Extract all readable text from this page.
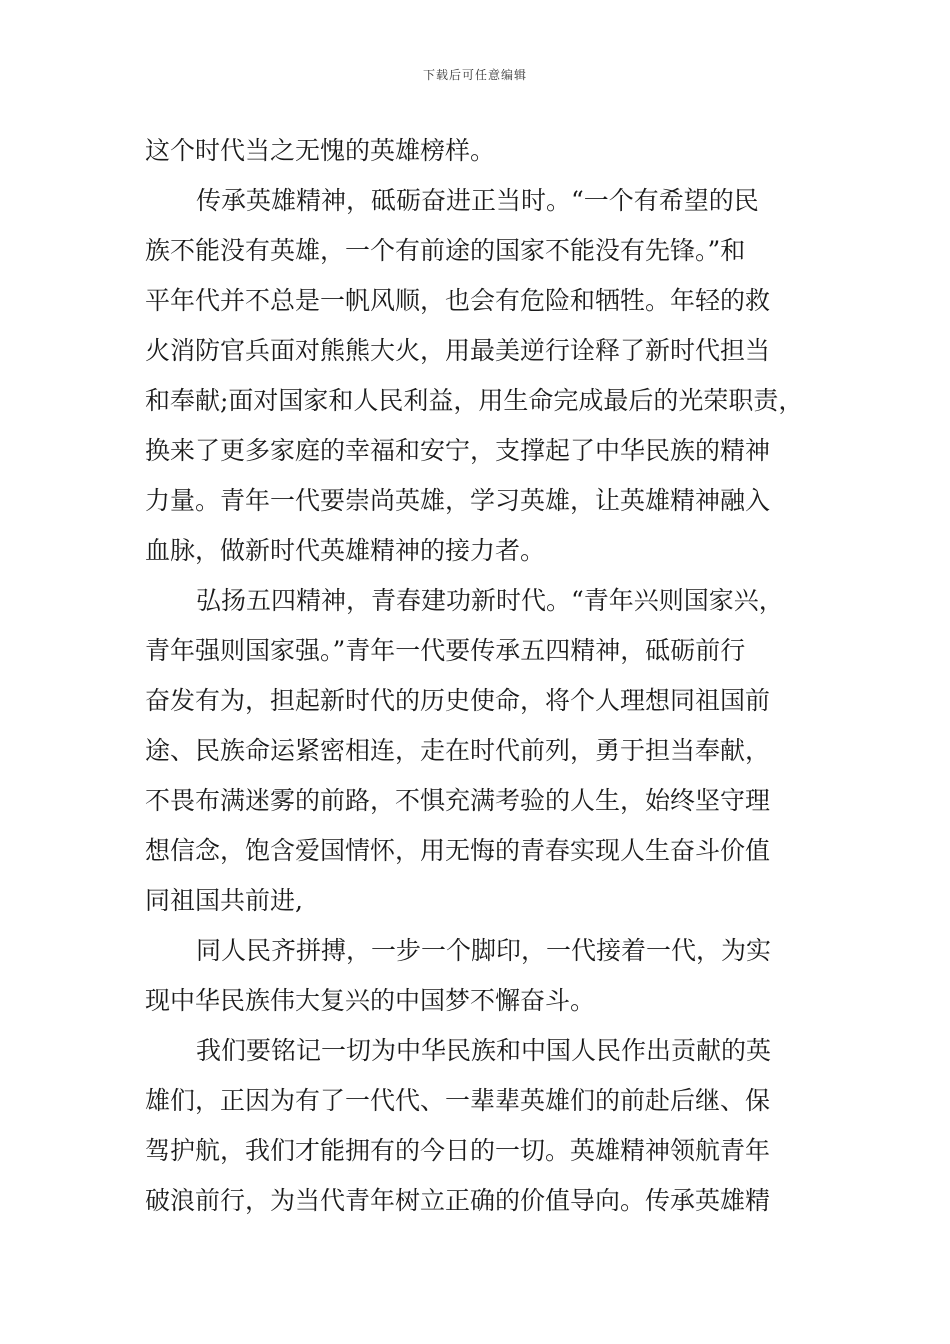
下载后可任意编辑
这个时代当之无愧的英雄榜样。
传承英雄精神，砥砺奋进正当时。“一个有希望的民
族不能没有英雄，一个有前途的国家不能没有先锋。”和
平年代并不总是一帆风顺，也会有危险和牺牲。年轻的救
火消防官兵面对熊熊大火，用最美逆行诠释了新时代担当
和奉献;面对国家和人民利益，用生命完成最后的光荣职责，
换来了更多家庭的幸福和安宁，支撑起了中华民族的精神
力量。青年一代要崇尚英雄，学习英雄，让英雄精神融入
血脉，做新时代英雄精神的接力者。
弘扬五四精神，青春建功新时代。“青年兴则国家兴，
青年强则国家强。”青年一代要传承五四精神，砥砺前行
奋发有为，担起新时代的历史使命，将个人理想同祖国前
途、民族命运紧密相连，走在时代前列，勇于担当奉献，
不畏布满迷雾的前路，不惧充满考验的人生，始终坚守理
想信念，饱含爱国情怀，用无悔的青春实现人生奋斗价值
同祖国共前进,
同人民齐拼搏，一步一个脚印，一代接着一代，为实
现中华民族伟大复兴的中国梦不懈奋斗。
我们要铭记一切为中华民族和中国人民作出贡献的英
雄们，正因为有了一代代、一辈辈英雄们的前赴后继、保
驾护航，我们才能拥有的今日的一切。英雄精神领航青年
破浪前行，为当代青年树立正确的价值导向。传承英雄精
